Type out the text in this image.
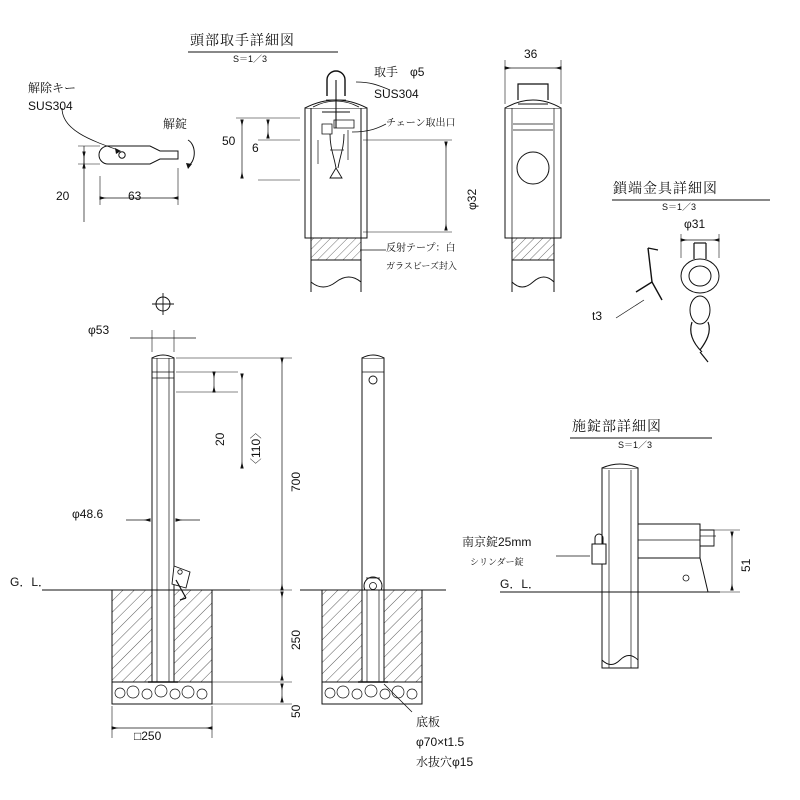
頭部取手詳細図
S＝1／3
鎖端金具詳細図
S＝1／3
施錠部詳細図
S＝1／3
解除キー
SUS304
解錠
20	63
取手　φ5
SUS304
チェーン取出口
50 6
φ32
反射テープ：白
ガラスビーズ封入
36
φ31
t3
φ53
20 〈110〉
700
φ48.6
G．L．
250
50
□250
底板
φ70×t1.5
水抜穴φ15
南京錠25mm
シリンダー錠
G．L．
51
